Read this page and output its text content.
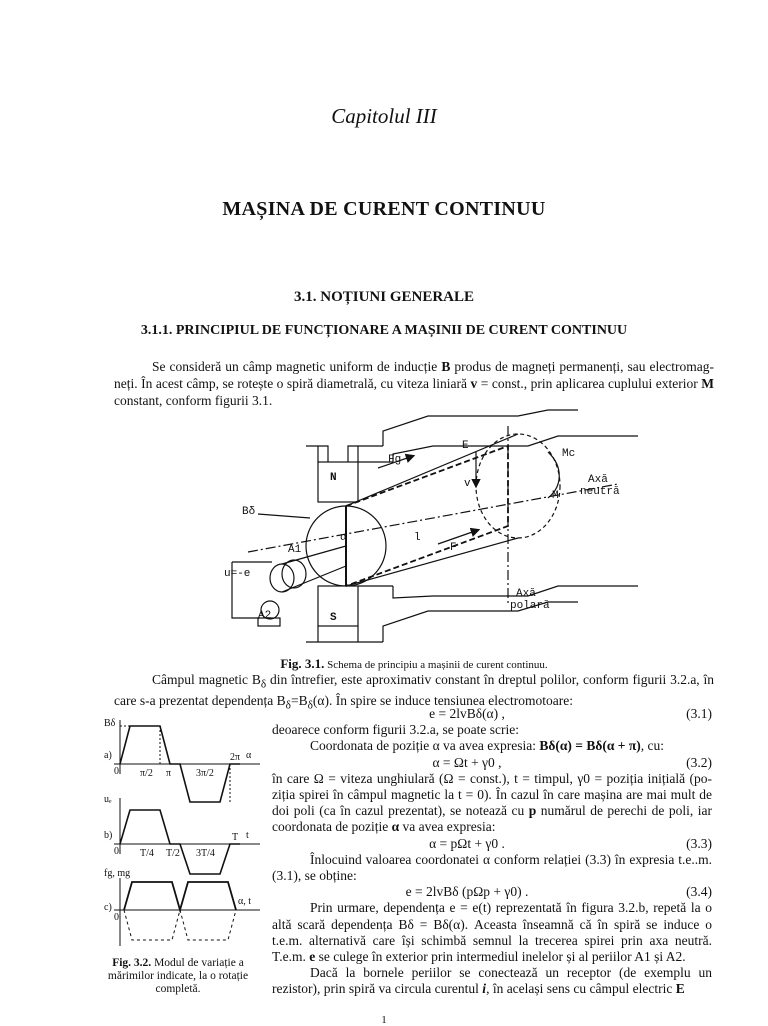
Capitolul III
MAȘINA DE CURENT CONTINUU
3.1. NOȚIUNI GENERALE
3.1.1. PRINCIPIUL DE FUNCȚIONARE A MAȘINII DE CURENT CONTINUU

Se consideră un câmp magnetic uniform de inducție B produs de magneți permanenți, sau electromag-neți. În acest câmp, se rotește o spiră diametrală, cu viteza liniară v = const., prin aplicarea cuplului exterior M constant, conform figurii 3.1.

N
S
Fg
E
F
v
Mc
Axă
neutră
M
Bδ
A1
A2
α	l
u=-e
Axă
polară
Fig. 3.1. Schema de principiu a mașinii de curent continuu.

Câmpul magnetic $B_\delta$ din întrefier, este aproximativ constant în dreptul polilor, conform figurii 3.2.a, în care s-a prezentat dependența $B_\delta=B_\delta(\alpha)$. În spire se induce tensiunea electromotoare:

a)
b)
c)
Bδ
uₑ
fg, mg
α
t
α, t
0
0
0
π/2 π 3π/2
2π
T/4 T/2 3T/4
T
Fig. 3.2. Modul de variație a mărimilor indicate, la o rotație completă.
e = 2lvBδ(α) ,	(3.1)

deoarece conform figurii 3.2.a, se poate scrie:

Coordonata de poziție α va avea expresia: Bδ(α) = Bδ(α + π), cu:

α = Ωt + γ0 ,	(3.2)

în care Ω = viteza unghiulară (Ω = const.), t = timpul, γ0 = poziția inițială (po-ziția spirei în câmpul magnetic la t = 0). În cazul în care mașina are mai mult de doi poli (ca în cazul prezentat), se notează cu p numărul de perechi de poli, iar coordonata de poziție α va avea expresia:

α = pΩt + γ0 .	(3.3)

Înlocuind valoarea coordonatei α conform relației (3.3) în expresia t.e..m. (3.1), se obține:

e = 2lvBδ (pΩp + γ0) .	(3.4)

Prin urmare, dependența e = e(t) reprezentată în figura 3.2.b, repetă la o altă scară dependența Bδ = Bδ(α). Aceasta înseamnă că în spiră se induce o t.e.m. alternativă care își schimbă semnul la trecerea spirei prin axa neutră. T.e.m. e se culege în exterior prin intermediul inelelor și al periilor A1 și A2.

Dacă la bornele periilor se conectează un receptor (de exemplu un rezistor), prin spiră va circula curentul i, în același sens cu câmpul electric E

1
